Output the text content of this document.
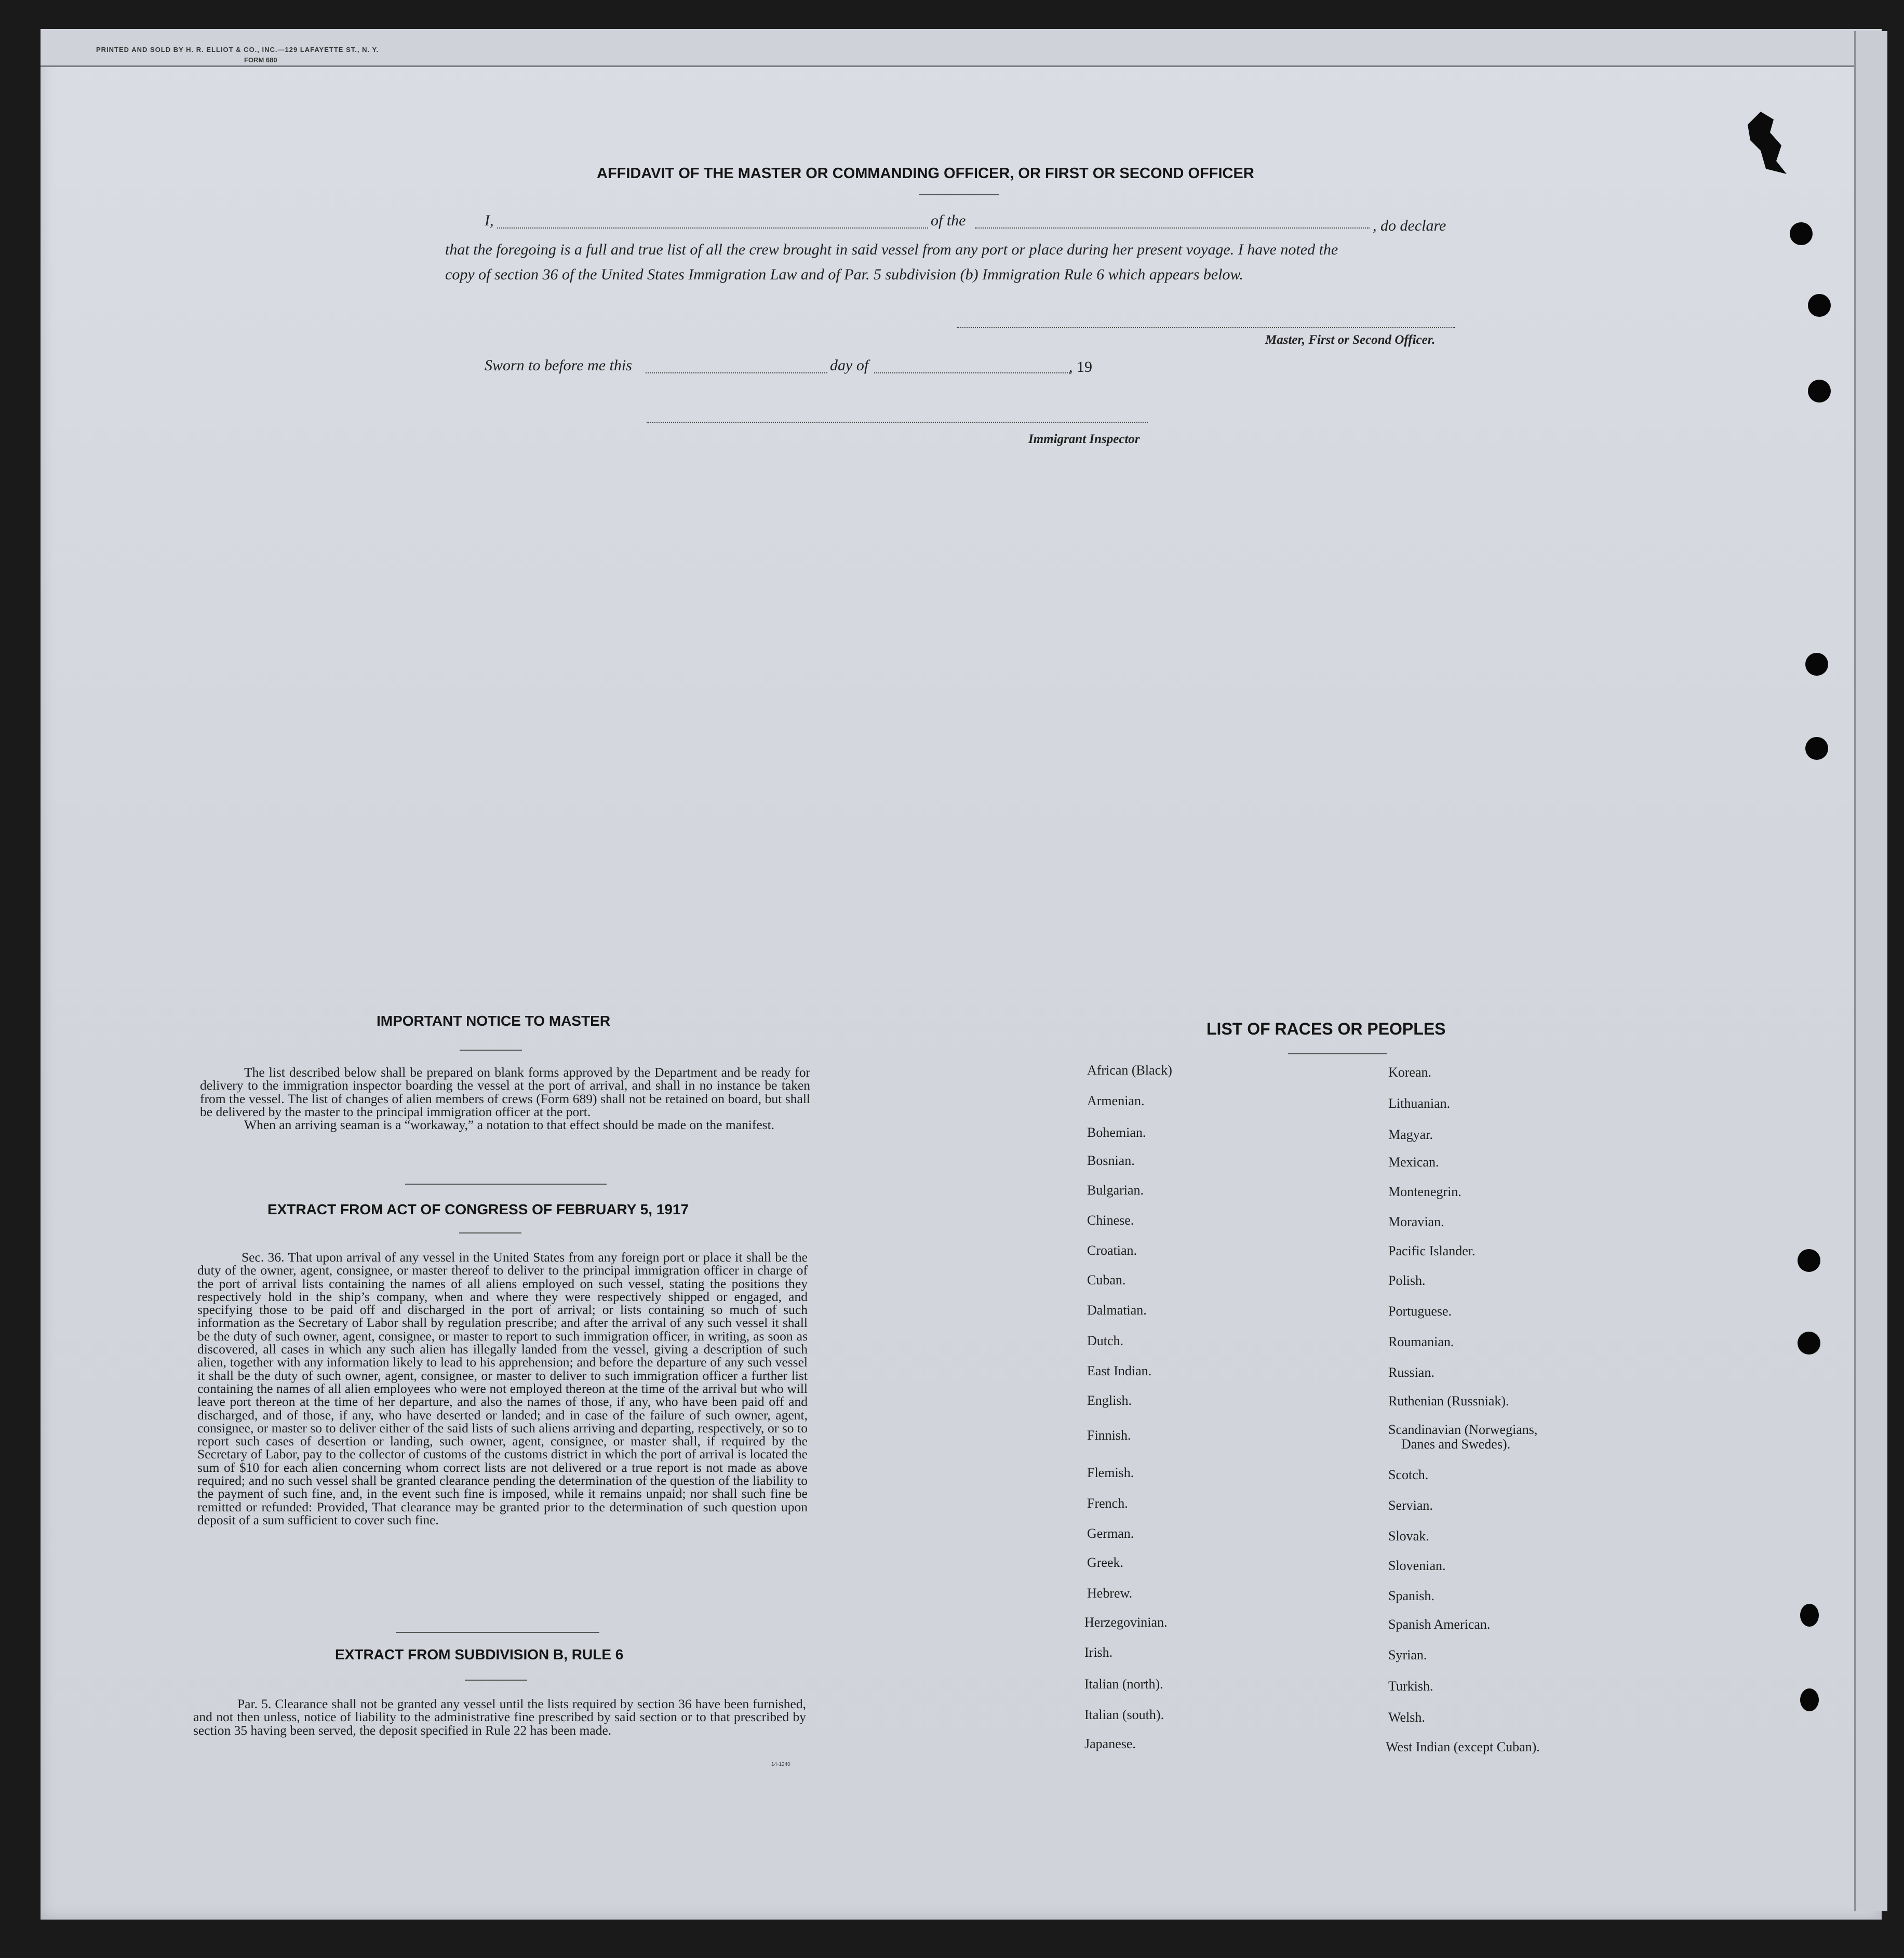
PRINTED AND SOLD BY H. R. ELLIOT & CO., INC.—129 LAFAYETTE ST., N. Y.
FORM 680
AFFIDAVIT OF THE MASTER OR COMMANDING OFFICER, OR FIRST OR SECOND OFFICER
I,	of the	, do declare
that the foregoing is a full and true list of all the crew brought in said vessel from any port or place during her present voyage. I have noted the
copy of section 36 of the United States Immigration Law and of Par. 5 subdivision (b) Immigration Rule 6 which appears below.
Master, First or Second Officer.
Sworn to before me this	day of	, 19
Immigrant Inspector
IMPORTANT NOTICE TO MASTER

The list described below shall be prepared on blank forms approved by the Department and be ready for delivery to the immigration inspector boarding the vessel at the port of arrival, and shall in no instance be taken from the vessel. The list of changes of alien members of crews (Form 689) shall not be retained on board, but shall be delivered by the master to the principal immigration officer at the port.

When an arriving seaman is a “workaway,” a notation to that effect should be made on the manifest.

EXTRACT FROM ACT OF CONGRESS OF FEBRUARY 5, 1917

Sec. 36. That upon arrival of any vessel in the United States from any foreign port or place it shall be the duty of the owner, agent, consignee, or master thereof to deliver to the principal immigration officer in charge of the port of arrival lists containing the names of all aliens employed on such vessel, stating the positions they respectively hold in the ship’s company, when and where they were respectively shipped or engaged, and specifying those to be paid off and discharged in the port of arrival; or lists containing so much of such information as the Secretary of Labor shall by regulation prescribe; and after the arrival of any such vessel it shall be the duty of such owner, agent, consignee, or master to report to such immigration officer, in writing, as soon as discovered, all cases in which any such alien has illegally landed from the vessel, giving a description of such alien, together with any information likely to lead to his apprehension; and before the departure of any such vessel it shall be the duty of such owner, agent, consignee, or master to deliver to such immigration officer a further list containing the names of all alien employees who were not employed thereon at the time of the arrival but who will leave port thereon at the time of her departure, and also the names of those, if any, who have been paid off and discharged, and of those, if any, who have deserted or landed; and in case of the failure of such owner, agent, consignee, or master so to deliver either of the said lists of such aliens arriving and departing, respectively, or so to report such cases of desertion or landing, such owner, agent, consignee, or master shall, if required by the Secretary of Labor, pay to the collector of customs of the customs district in which the port of arrival is located the sum of $10 for each alien concerning whom correct lists are not delivered or a true report is not made as above required; and no such vessel shall be granted clearance pending the determination of the question of the liability to the payment of such fine, and, in the event such fine is imposed, while it remains unpaid; nor shall such fine be remitted or refunded: Provided, That clearance may be granted prior to the determination of such question upon deposit of a sum sufficient to cover such fine.

EXTRACT FROM SUBDIVISION B, RULE 6

Par. 5. Clearance shall not be granted any vessel until the lists required by section 36 have been furnished, and not then unless, notice of liability to the administrative fine prescribed by said section or to that prescribed by section 35 having been served, the deposit specified in Rule 22 has been made.

14-1240
LIST OF RACES OR PEOPLES
African (Black)
Armenian.
Bohemian.
Bosnian.
Bulgarian.
Chinese.
Croatian.
Cuban.
Dalmatian.
Dutch.
East Indian.
English.
Finnish.
Flemish.
French.
German.
Greek.
Hebrew.
Herzegovinian.
Irish.
Italian (north).
Italian (south).
Japanese.
Korean.
Lithuanian.
Magyar.
Mexican.
Montenegrin.
Moravian.
Pacific Islander.
Polish.
Portuguese.
Roumanian.
Russian.
Ruthenian (Russniak).
Scandinavian (Norwegians,
Danes and Swedes).
Scotch.
Servian.
Slovak.
Slovenian.
Spanish.
Spanish American.
Syrian.
Turkish.
Welsh.
West Indian (except Cuban).
